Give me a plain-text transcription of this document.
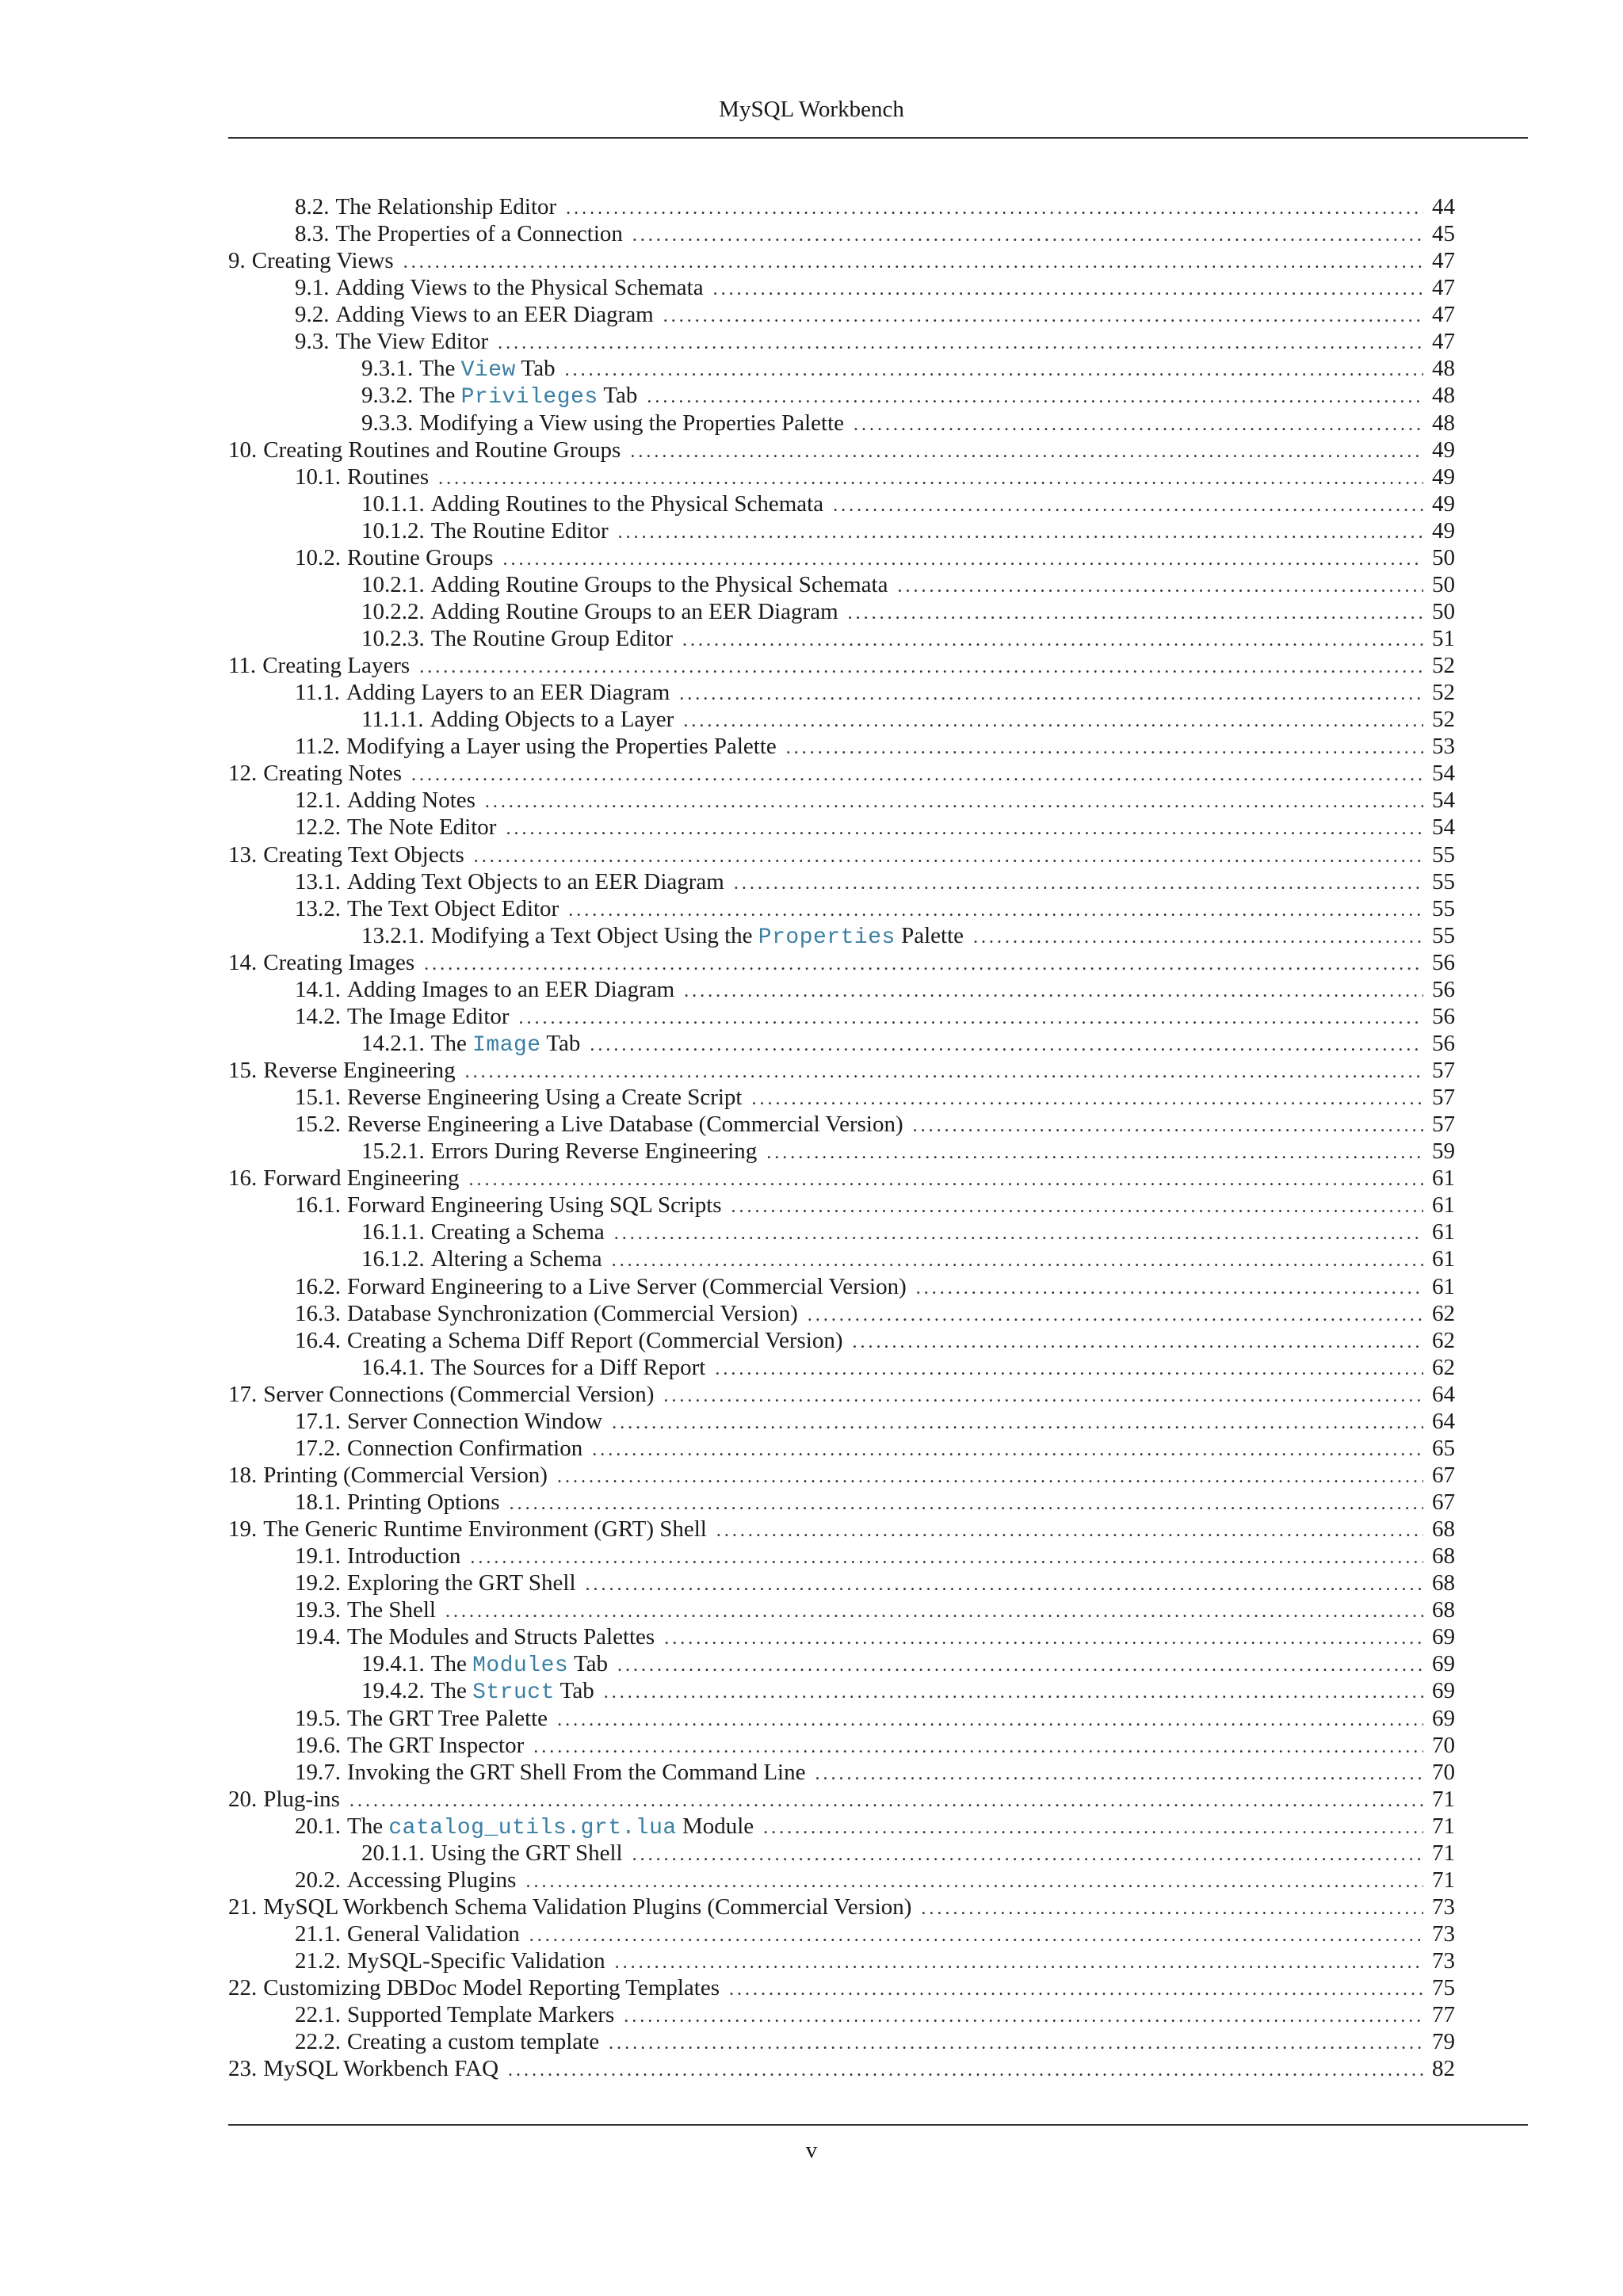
MySQL Workbench
8.2. The Relationship Editor .....	44
8.3. The Properties of a Connection .....	45
9. Creating Views .....	47
9.1. Adding Views to the Physical Schemata .....	47
9.2. Adding Views to an EER Diagram .....	47
9.3. The View Editor .....	47
9.3.1. The View Tab .....	48
9.3.2. The Privileges Tab .....	48
9.3.3. Modifying a View using the Properties Palette .....	48
10. Creating Routines and Routine Groups .....	49
10.1. Routines .....	49
10.1.1. Adding Routines to the Physical Schemata .....	49
10.1.2. The Routine Editor .....	49
10.2. Routine Groups .....	50
10.2.1. Adding Routine Groups to the Physical Schemata .....	50
10.2.2. Adding Routine Groups to an EER Diagram .....	50
10.2.3. The Routine Group Editor .....	51
11. Creating Layers .....	52
11.1. Adding Layers to an EER Diagram .....	52
11.1.1. Adding Objects to a Layer .....	52
11.2. Modifying a Layer using the Properties Palette .....	53
12. Creating Notes .....	54
12.1. Adding Notes .....	54
12.2. The Note Editor .....	54
13. Creating Text Objects .....	55
13.1. Adding Text Objects to an EER Diagram .....	55
13.2. The Text Object Editor .....	55
13.2.1. Modifying a Text Object Using the Properties Palette .....	55
14. Creating Images .....	56
14.1. Adding Images to an EER Diagram .....	56
14.2. The Image Editor .....	56
14.2.1. The Image Tab .....	56
15. Reverse Engineering .....	57
15.1. Reverse Engineering Using a Create Script .....	57
15.2. Reverse Engineering a Live Database (Commercial Version) .....	57
15.2.1. Errors During Reverse Engineering .....	59
16. Forward Engineering .....	61
16.1. Forward Engineering Using SQL Scripts .....	61
16.1.1. Creating a Schema .....	61
16.1.2. Altering a Schema .....	61
16.2. Forward Engineering to a Live Server (Commercial Version) .....	61
16.3. Database Synchronization (Commercial Version) .....	62
16.4. Creating a Schema Diff Report (Commercial Version) .....	62
16.4.1. The Sources for a Diff Report .....	62
17. Server Connections (Commercial Version) .....	64
17.1. Server Connection Window .....	64
17.2. Connection Confirmation .....	65
18. Printing (Commercial Version) .....	67
18.1. Printing Options .....	67
19. The Generic Runtime Environment (GRT) Shell .....	68
19.1. Introduction .....	68
19.2. Exploring the GRT Shell .....	68
19.3. The Shell .....	68
19.4. The Modules and Structs Palettes .....	69
19.4.1. The Modules Tab .....	69
19.4.2. The Struct Tab .....	69
19.5. The GRT Tree Palette .....	69
19.6. The GRT Inspector .....	70
19.7. Invoking the GRT Shell From the Command Line .....	70
20. Plug-ins .....	71
20.1. The catalog_utils.grt.lua Module .....	71
20.1.1. Using the GRT Shell .....	71
20.2. Accessing Plugins .....	71
21. MySQL Workbench Schema Validation Plugins (Commercial Version) .....	73
21.1. General Validation .....	73
21.2. MySQL-Specific Validation .....	73
22. Customizing DBDoc Model Reporting Templates .....	75
22.1. Supported Template Markers .....	77
22.2. Creating a custom template .....	79
23. MySQL Workbench FAQ .....	82
v
